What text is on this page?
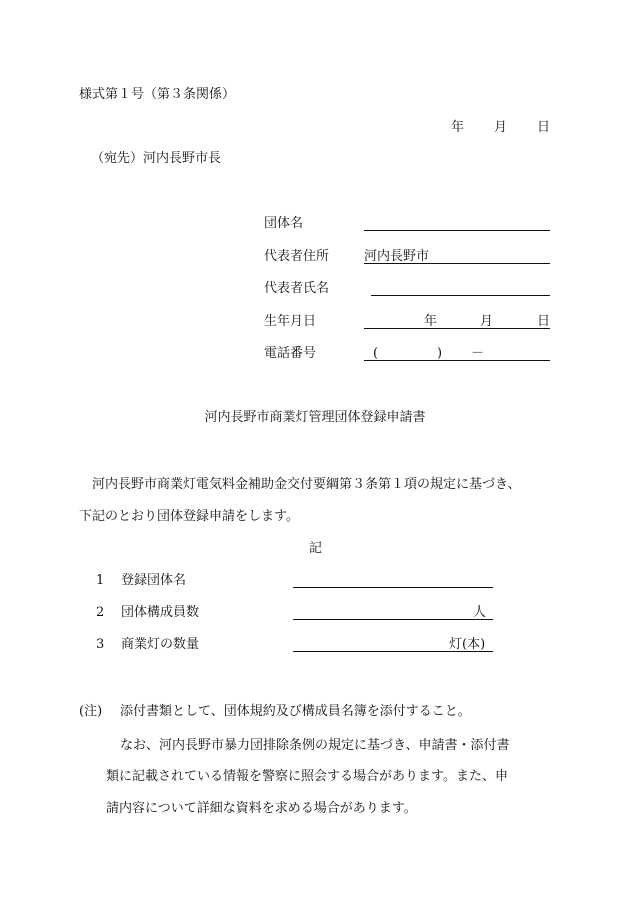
様式第１号（第３条関係）
年 月 日
（宛先）河内長野市長
団体名
代表者住所	河内長野市
代表者氏名
生年月日	年	月	日
電話番号	(	) －
河内長野市商業灯管理団体登録申請書
河内長野市商業灯電気料金補助金交付要綱第３条第１項の規定に基づき、
下記のとおり団体登録申請をします。
記
1 登録団体名
2 団体構成員数	人
3 商業灯の数量	灯(本)
(注) 添付書類として、団体規約及び構成員名簿を添付すること。
なお、河内長野市暴力団排除条例の規定に基づき、申請書・添付書
類に記載されている情報を警察に照会する場合があります。また、申
請内容について詳細な資料を求める場合があります。
